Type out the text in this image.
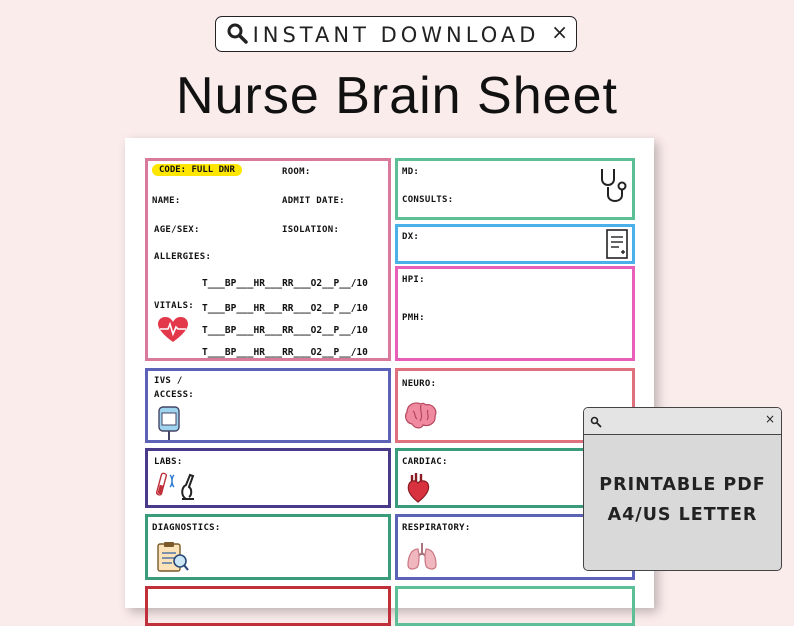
INSTANT DOWNLOAD ×
Nurse Brain Sheet
CODE: FULL DNR	ROOM:
NAME:	ADMIT DATE:
AGE/SEX:	ISOLATION:
ALLERGIES:
VITALS:
T___BP___HR___RR___O2__P__/10
T___BP___HR___RR___O2__P__/10
T___BP___HR___RR___O2__P__/10
T___BP___HR___RR___O2__P__/10
MD:
CONSULTS:
DX:
HPI:
PMH:
IVS /
ACCESS:
NEURO:
LABS:	CARDIAC:
DIAGNOSTICS:	RESPIRATORY:
×
PRINTABLE PDF
A4/US LETTER
